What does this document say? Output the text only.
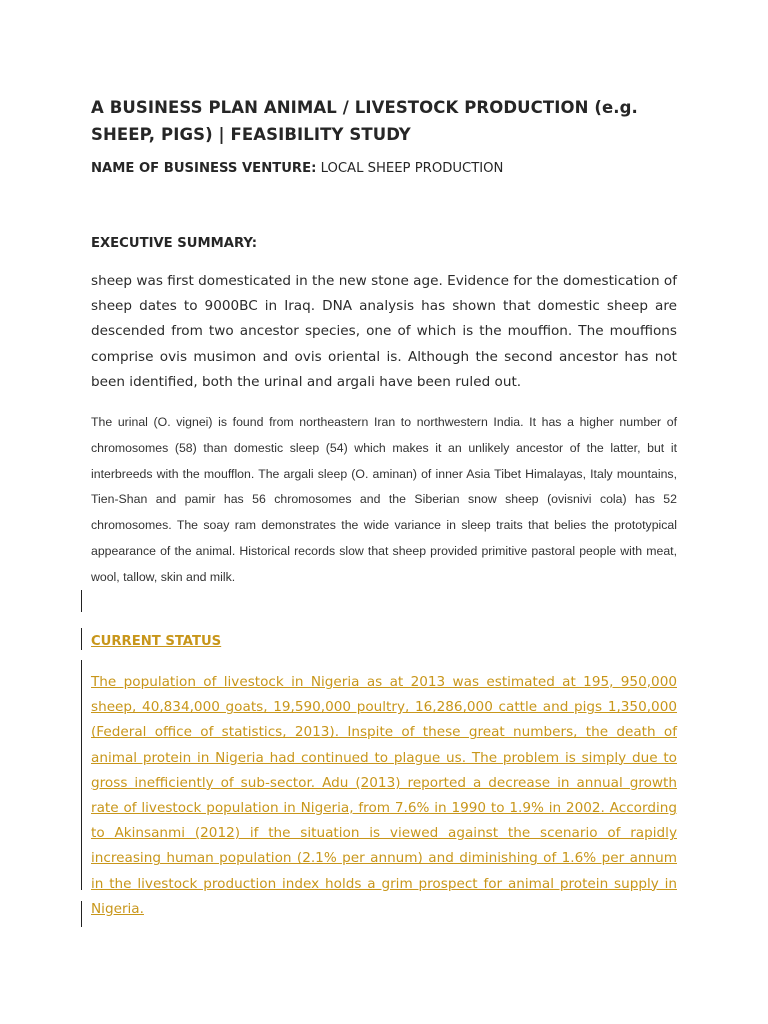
A BUSINESS PLAN ANIMAL / LIVESTOCK PRODUCTION (e.g. SHEEP, PIGS) | FEASIBILITY STUDY
NAME OF BUSINESS VENTURE: LOCAL SHEEP PRODUCTION
EXECUTIVE SUMMARY:

sheep was first domesticated in the new stone age. Evidence for the domestication of sheep dates to 9000BC in Iraq. DNA analysis has shown that domestic sheep are descended from two ancestor species, one of which is the mouffion. The mouffions comprise ovis musimon and ovis oriental is. Although the second ancestor has not been identified, both the urinal and argali have been ruled out.

The urinal (O. vignei) is found from northeastern Iran to northwestern India. It has a higher number of chromosomes (58) than domestic sleep (54) which makes it an unlikely ancestor of the latter, but it interbreeds with the moufflon. The argali sleep (O. aminan) of inner Asia Tibet Himalayas, Italy mountains, Tien-Shan and pamir has 56 chromosomes and the Siberian snow sheep (ovisnivi cola) has 52 chromosomes. The soay ram demonstrates the wide variance in sleep traits that belies the prototypical appearance of the animal. Historical records slow that sheep provided primitive pastoral people with meat, wool, tallow, skin and milk.

CURRENT STATUS

The population of livestock in Nigeria as at 2013 was estimated at 195, 950,000 sheep, 40,834,000 goats, 19,590,000 poultry, 16,286,000 cattle and pigs 1,350,000 (Federal office of statistics, 2013). Inspite of these great numbers, the death of animal protein in Nigeria had continued to plague us. The problem is simply due to gross inefficiently of sub-sector. Adu (2013) reported a decrease in annual growth rate of livestock population in Nigeria, from 7.6% in 1990 to 1.9% in 2002. According to Akinsanmi (2012) if the situation is viewed against the scenario of rapidly increasing human population (2.1% per annum) and diminishing of 1.6% per annum in the livestock production index holds a grim prospect for animal protein supply in Nigeria.
